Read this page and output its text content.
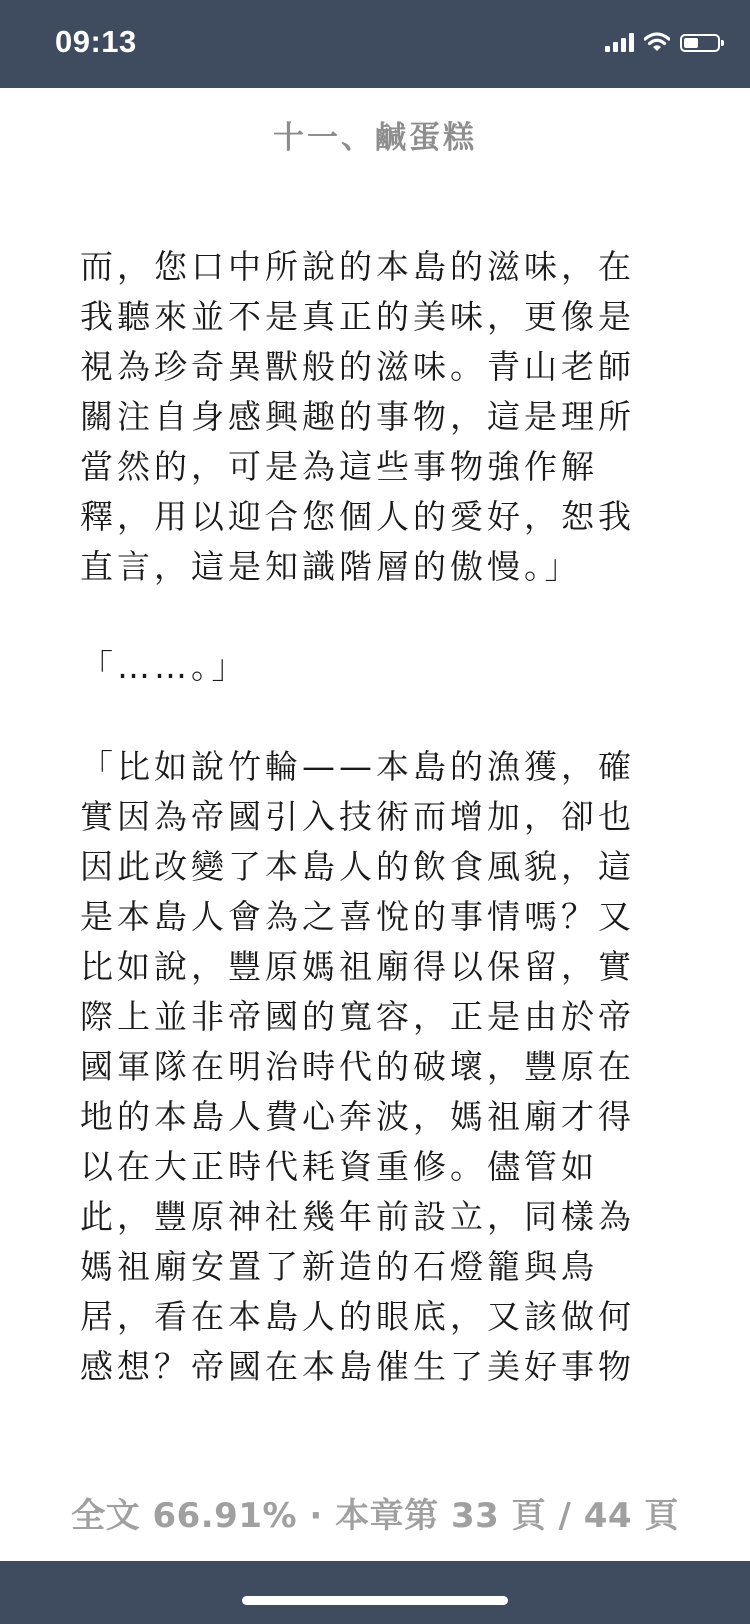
09:13
十一、鹹蛋糕

而，您口中所說的本島的滋味，在

我聽來並不是真正的美味，更像是

視為珍奇異獸般的滋味。青山老師

關注自身感興趣的事物，這是理所

當然的，可是為這些事物強作解

釋，用以迎合您個人的愛好，恕我

直言，這是知識階層的傲慢。」

「……。」

「比如說竹輪——本島的漁獲，確

實因為帝國引入技術而增加，卻也

因此改變了本島人的飲食風貌，這

是本島人會為之喜悅的事情嗎？又

比如說，豐原媽祖廟得以保留，實

際上並非帝國的寬容，正是由於帝

國軍隊在明治時代的破壞，豐原在

地的本島人費心奔波，媽祖廟才得

以在大正時代耗資重修。儘管如

此，豐原神社幾年前設立，同樣為

媽祖廟安置了新造的石燈籠與鳥

居，看在本島人的眼底，又該做何

感想？帝國在本島催生了美好事物

全文 66.91% · 本章第 33 頁 / 44 頁
